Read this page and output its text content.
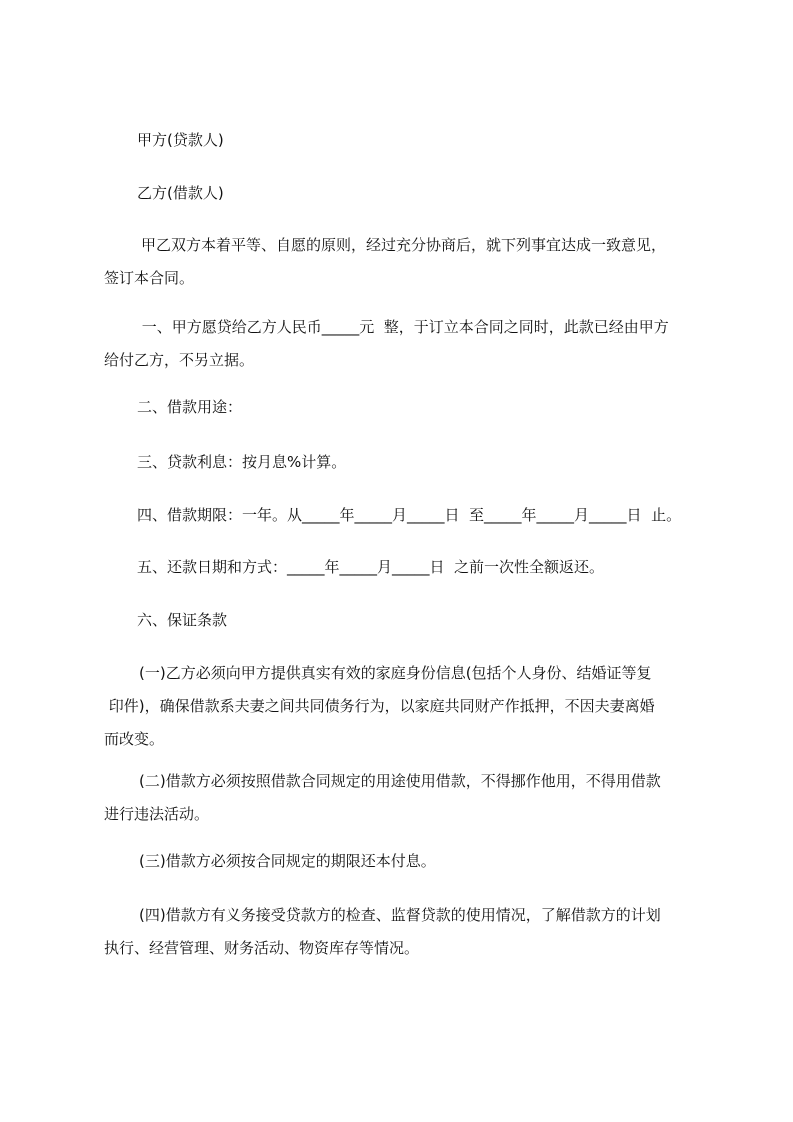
甲方(贷款人)

乙方(借款人)

甲乙双方本着平等、自愿的原则，经过充分协商后，就下列事宜达成一致意见，
签订本合同。
一、甲方愿贷给乙方人民币_____元  整，于订立本合同之同时，此款已经由甲方
给付乙方，不另立据。

二、借款用途：

三、贷款利息：按月息%计算。

四、借款期限：一年。从_____年_____月_____日  至_____年_____月_____日  止。

五、还款日期和方式：_____年_____月_____日  之前一次性全额返还。

六、保证条款

(一)乙方必须向甲方提供真实有效的家庭身份信息(包括个人身份、结婚证等复
印件)，确保借款系夫妻之间共同债务行为，以家庭共同财产作抵押，不因夫妻离婚
而改变。
(二)借款方必须按照借款合同规定的用途使用借款，不得挪作他用，不得用借款
进行违法活动。

(三)借款方必须按合同规定的期限还本付息。

(四)借款方有义务接受贷款方的检查、监督贷款的使用情况，了解借款方的计划
执行、经营管理、财务活动、物资库存等情况。
